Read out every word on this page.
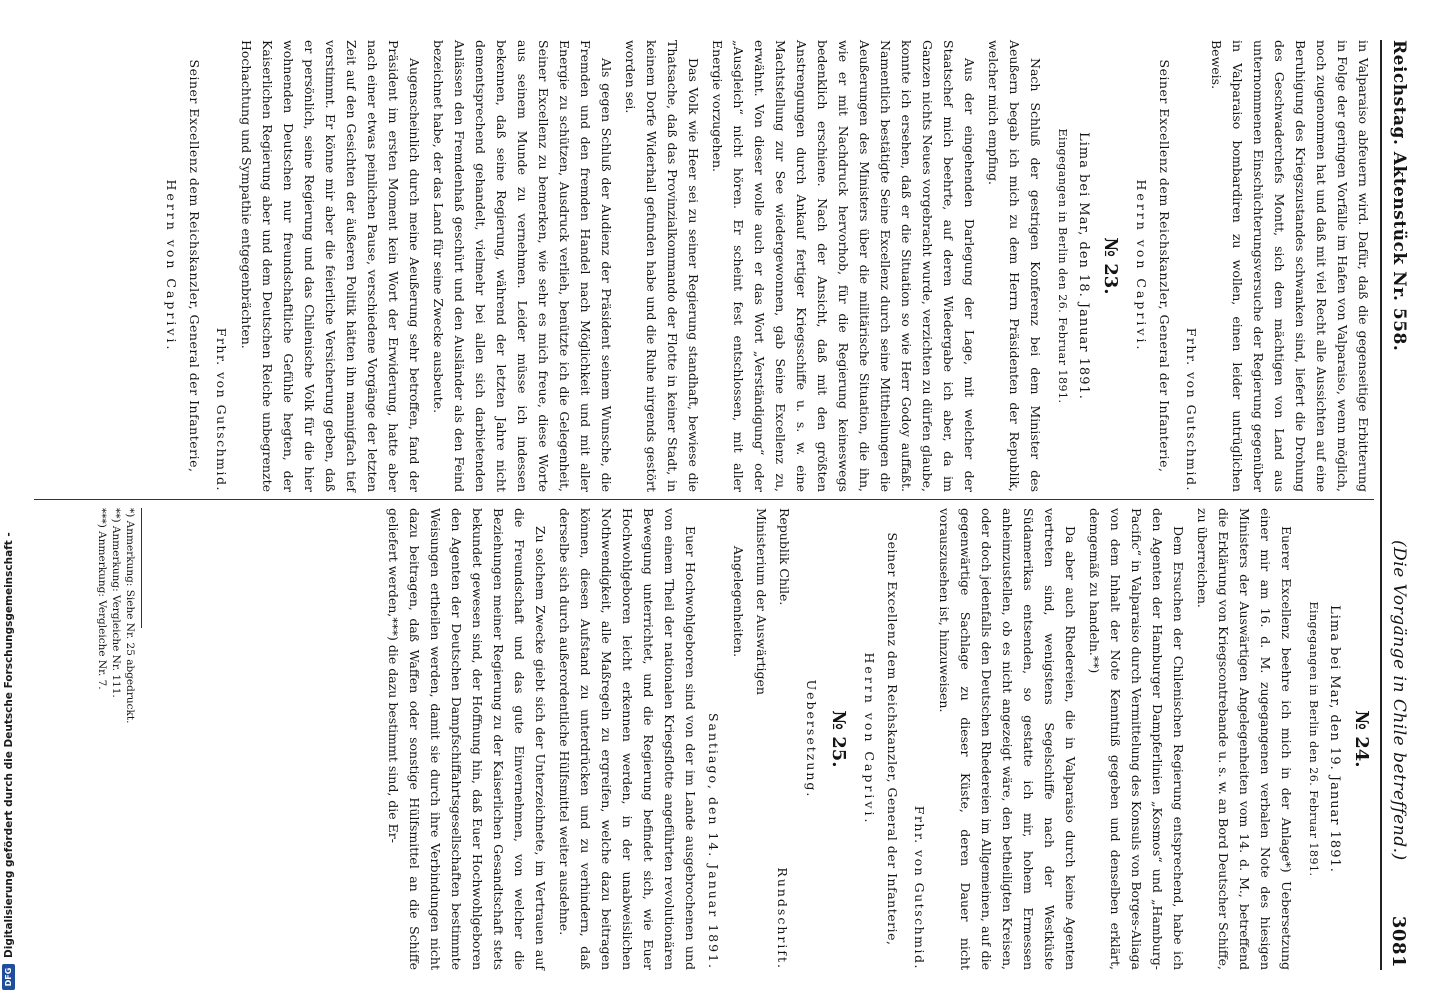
Reichstag. Aktenstück Nr. 558.
(Die Vorgänge in Chile betreffend.)
3081

in Valparaiso abfeuern wird. Dafür, daß die gegenseitige Erbitterung in Folge der geringen Vorfälle im Hafen von Valparaiso, wenn möglich, noch zugenommen hat und daß mit viel Recht alle Aussichten auf eine Beruhigung des Kriegszustandes schwanken sind, liefert die Drohung des Geschwaderchefs Montt, sich dem mächtigen von Land aus unternommenen Einschüchterungsversuche der Regierung gegenüber in Valparaiso bombardiren zu wollen, einen leider untrüglichen Beweis.

Frhr. von Gutschmid.
Seiner Excellenz dem Reichskanzler, General der Infanterie,
Herrn von Caprivi.
№ 23.
Lima bei Mar, den 18. Januar 1891.
Eingegangen in Berlin den 26. Februar 1891.

Nach Schluß der gestrigen Konferenz bei dem Minister des Aeußern begab ich mich zu dem Herrn Präsidenten der Republik, welcher mich empfing.

Aus der eingehenden Darlegung der Lage, mit welcher der Staatschef mich beehrte, auf deren Wiedergabe ich aber, da im Ganzen nichts Neues vorgebracht wurde, verzichten zu dürfen glaube, konnte ich ersehen, daß er die Situation so wie Herr Godoy auffaßt. Namentlich bestätigte Seine Excellenz durch seine Mittheilungen die Aeußerungen des Ministers über die militärische Situation, die ihn, wie er mit Nachdruck hervorhob, für die Regierung keineswegs bedenklich erschiene. Nach der Ansicht, daß mit den größten Anstrengungen durch Ankauf fertiger Kriegsschiffe u. s. w. eine Machtstellung zur See wiedergewonnen, gab Seine Excellenz zu, erwähnt. Von dieser wolle auch er das Wort „Verständigung“ oder „Ausgleich“ nicht hören. Er scheint fest entschlossen, mit aller Energie vorzugehen.

Das Volk wie Heer sei zu seiner Regierung standhaft, bewiese die Thatsache, daß das Provinzialkommando der Flotte in keiner Stadt, in keinem Dorfe Widerhall gefunden habe und die Ruhe nirgends gestört worden sei.

Als gegen Schluß der Audienz der Präsident seinem Wunsche, die Fremden und den fremden Handel nach Möglichkeit und mit aller Energie zu schützen, Ausdruck verlieh, benützte ich die Gelegenheit, Seiner Excellenz zu bemerken, wie sehr es mich freue, diese Worte aus seinem Munde zu vernehmen. Leider müsse ich indessen bekennen, daß seine Regierung, während der letzten Jahre nicht dementsprechend gehandelt, vielmehr bei allen sich darbietenden Anlässen den Fremdenhaß geschürt und den Ausländer als den Feind bezeichnet habe, der das Land für seine Zwecke ausbeute.

Augenscheinlich durch meine Aeußerung sehr betroffen, fand der Präsident im ersten Moment kein Wort der Erwiderung, hatte aber nach einer etwas peinlichen Pause, verschiedene Vorgänge der letzten Zeit auf den Gesichten der äußeren Politik hätten ihn mannigfach tief verstimmt. Er könne mir aber die feierliche Versicherung geben, daß er persönlich, seine Regierung und das Chilenische Volk für die hier wohnenden Deutschen nur freundschaftliche Gefühle hegten, der Kaiserlichen Regierung aber und dem Deutschen Reiche unbegrenzte Hochachtung und Sympathie entgegenbrächten.

Frhr. von Gutschmid.
Seiner Excellenz dem Reichskanzler, General der Infanterie,
Herrn von Caprivi.
№ 24.
Lima bei Mar, den 19. Januar 1891.
Eingegangen in Berlin den 26. Februar 1891.

Euerer Excellenz beehre ich mich in der Anlage*) Uebersetzung einer mir am 16. d. M. zugegangenen verbalen Note des hiesigen Ministers der Auswärtigen Angelegenheiten vom 14. d. M., betreffend die Erklärung von Kriegscontrebande u. s. w. an Bord Deutscher Schiffe, zu überreichen.

Dem Ersuchen der Chilenischen Regierung entsprechend, habe ich den Agenten der Hamburger Dampferlinien „Kosmos“ und „Hamburg-Pacific“ in Valparaiso durch Vermittelung des Konsuls von Borges-Aliaga von dem Inhalt der Note Kenntniß gegeben und denselben erklärt, demgemäß zu handeln.**)

Da aber auch Rhedereien, die in Valparaiso durch keine Agenten vertreten sind, wenigstens Segelschiffe nach der Westküste Südamerikas entsenden, so gestatte ich mir, hohem Ermessen anheimzustellen, ob es nicht angezeigt wäre, den betheiligten Kreisen, oder doch jedenfalls den Deutschen Rhedereien im Allgemeinen, auf die gegenwärtige Sachlage zu dieser Küste, deren Dauer nicht vorauszusehen ist, hinzuweisen.

Frhr. von Gutschmid.
Seiner Excellenz dem Reichskanzler, General der Infanterie,
Herrn von Caprivi.
№ 25.
Uebersetzung.
Republik Chile.
Ministerium der Auswärtigen
Angelegenheiten.
Rundschrift.
Santiago, den 14. Januar 1891.

Euer Hochwohlgeboren sind von der im Lande ausgebrochenen und von einem Theil der nationalen Kriegsflotte angeführten revolutionären Bewegung unterrichtet, und die Regierung befindet sich, wie Euer Hochwohlgeboren leicht erkennen werden, in der unabweislichen Nothwendigkeit, alle Maßregeln zu ergreifen, welche dazu beitragen können, diesen Aufstand zu unterdrücken und zu verhindern, daß derselbe sich durch außerordentliche Hülfsmittel weiter ausdehne.

Zu solchem Zwecke giebt sich der Unterzeichnete, im Vertrauen auf die Freundschaft und das gute Einvernehmen, von welcher die Beziehungen meiner Regierung zu der Kaiserlichen Gesandtschaft stets bekundet gewesen sind, der Hoffnung hin, daß Euer Hochwohlgeboren den Agenten der Deutschen Dampfschiffahrtsgesellschaften bestimmte Weisungen ertheilen werden, damit sie durch ihre Verbindungen nicht dazu beitragen, daß Waffen oder sonstige Hülfsmittel an die Schiffe geliefert werden,***) die dazu bestimmt sind, die Er-

*) Anmerkung: Siehe Nr. 25 abgedruckt.
**) Anmerkung: Vergleiche Nr. 111.
***) Anmerkung: Vergleiche Nr. 7.
DFG
Digitalisierung gefördert durch die Deutsche Forschungsgemeinschaft -
